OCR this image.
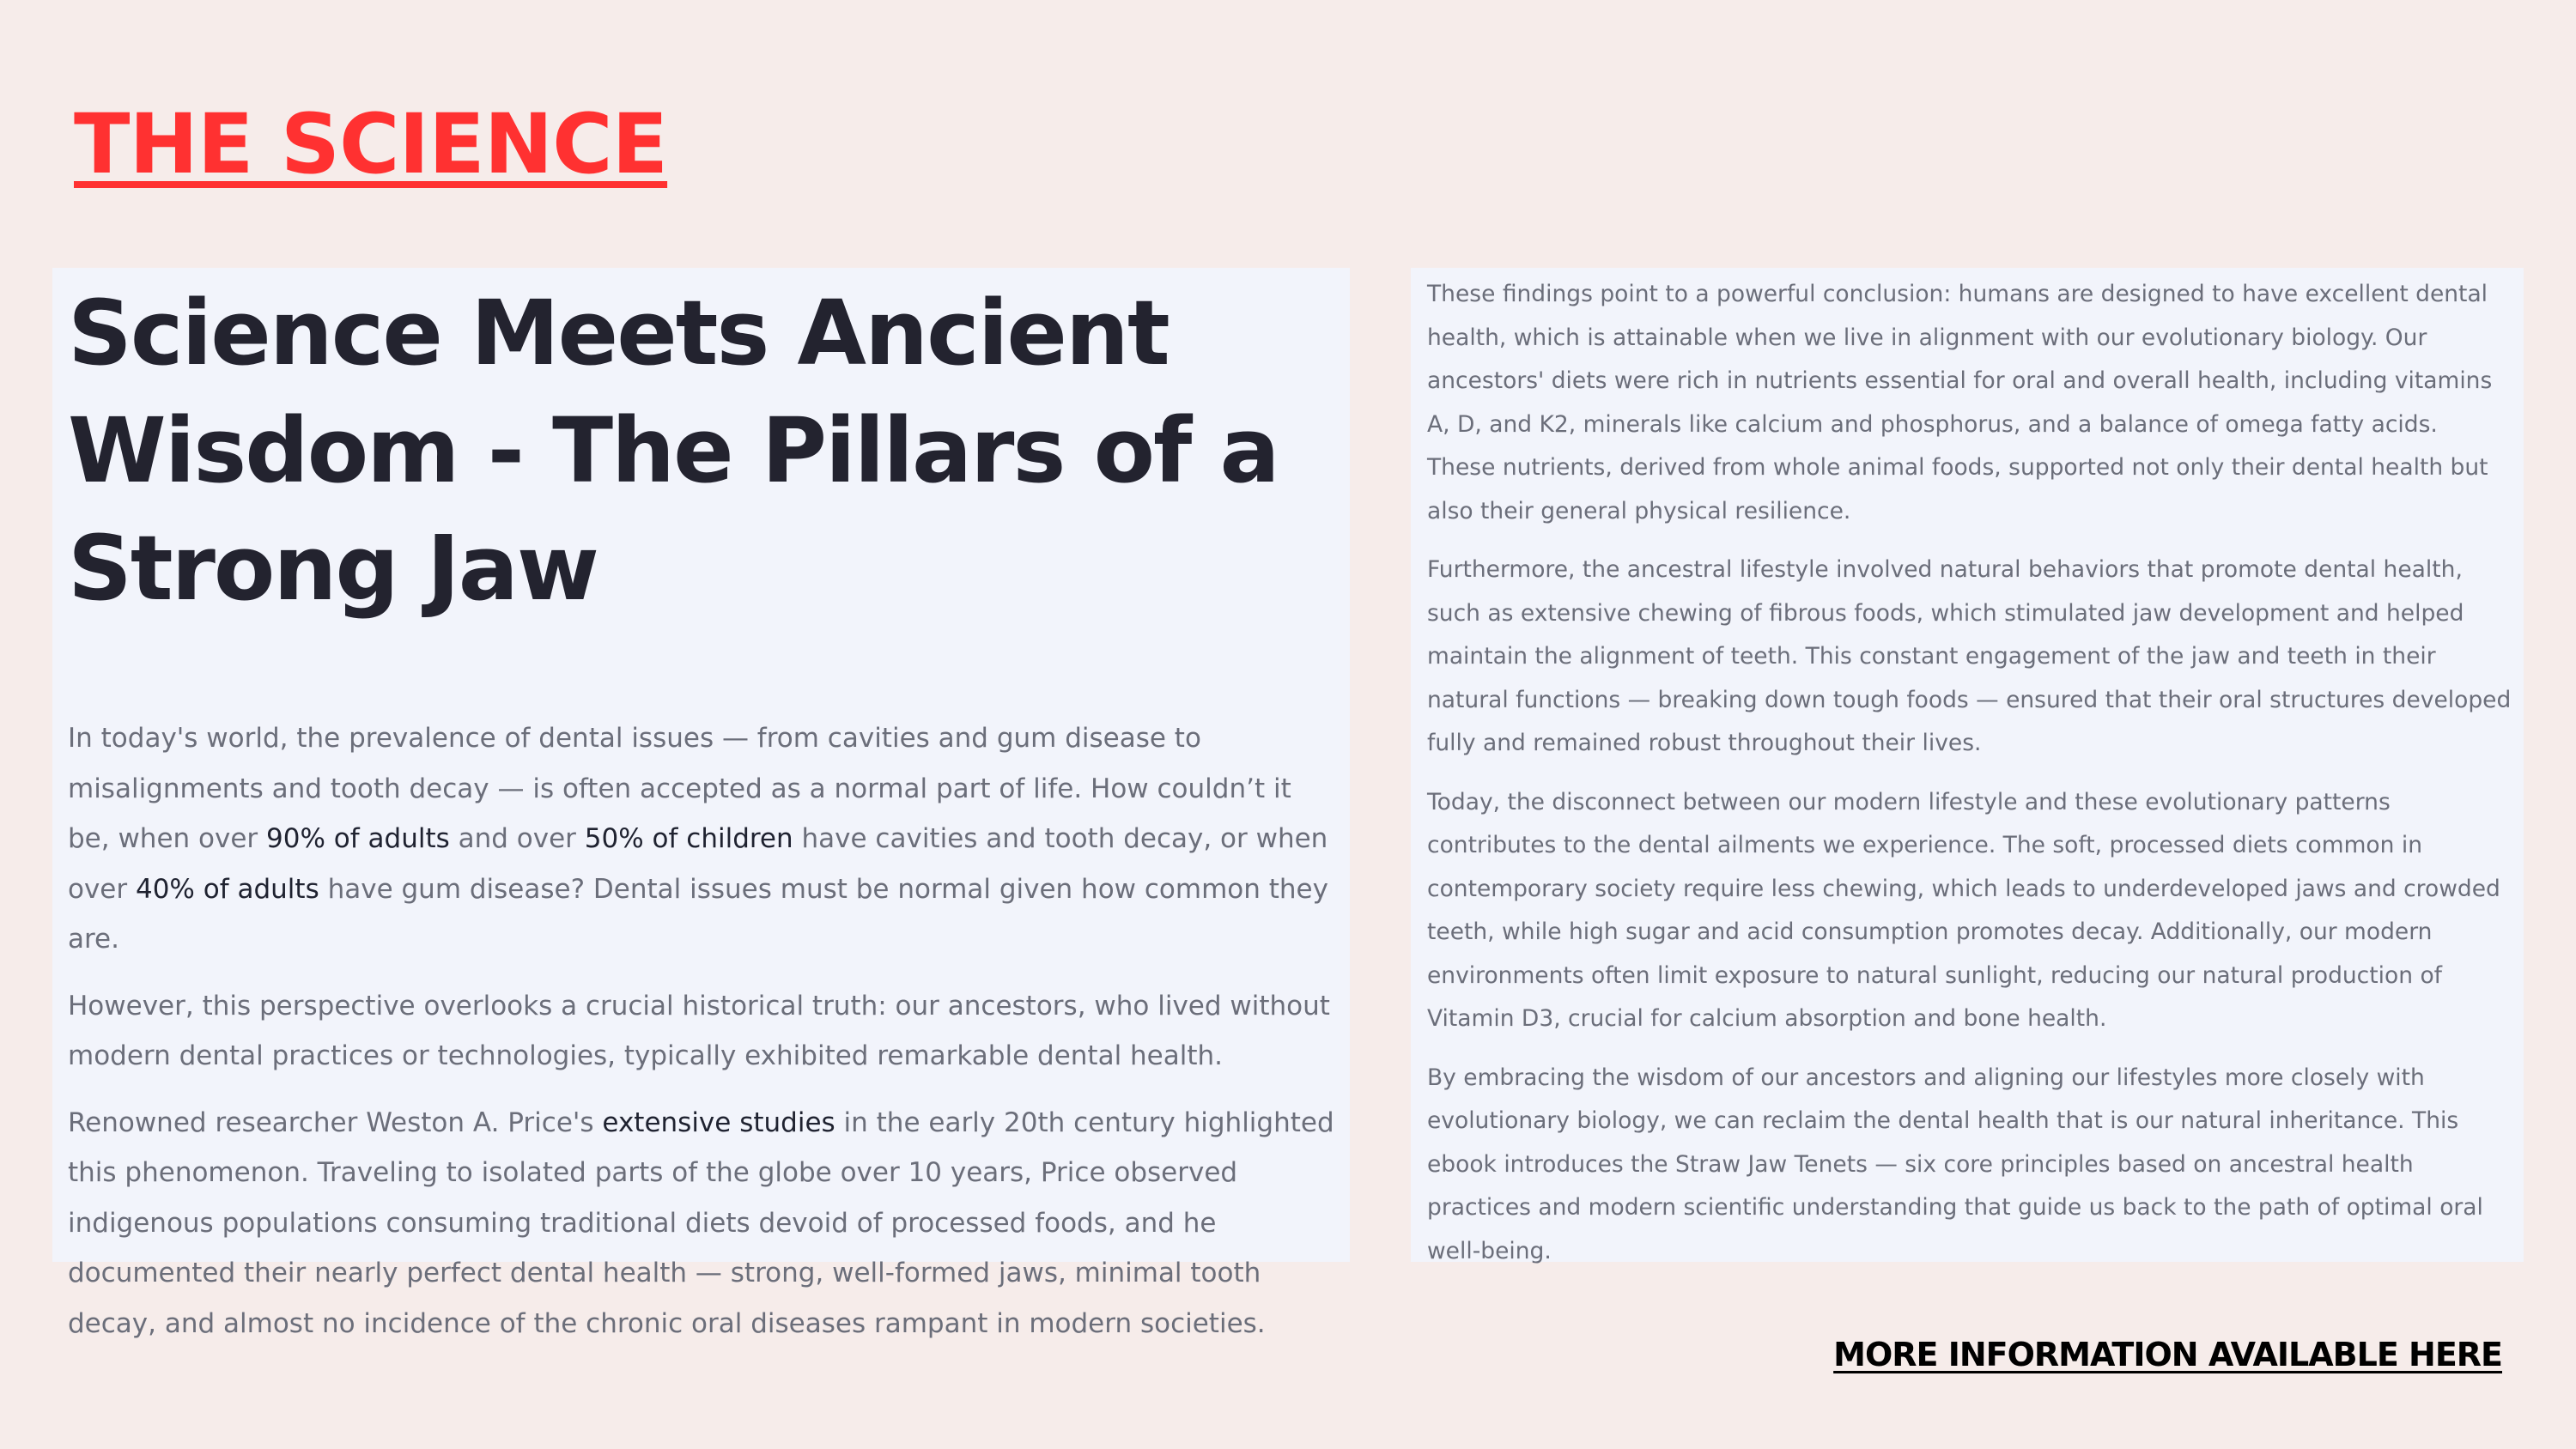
THE SCIENCE
Science Meets Ancient Wisdom - The Pillars of a Strong Jaw

In today's world, the prevalence of dental issues — from cavities and gum disease to misalignments and tooth decay — is often accepted as a normal part of life. How couldn’t it be, when over 90% of adults and over 50% of children have cavities and tooth decay, or when over 40% of adults have gum disease? Dental issues must be normal given how common they are.

However, this perspective overlooks a crucial historical truth: our ancestors, who lived without modern dental practices or technologies, typically exhibited remarkable dental health.

Renowned researcher Weston A. Price's extensive studies in the early 20th century highlighted this phenomenon. Traveling to isolated parts of the globe over 10 years, Price observed indigenous populations consuming traditional diets devoid of processed foods, and he documented their nearly perfect dental health — strong, well-formed jaws, minimal tooth decay, and almost no incidence of the chronic oral diseases rampant in modern societies.

These findings point to a powerful conclusion: humans are designed to have excellent dental health, which is attainable when we live in alignment with our evolutionary biology. Our ancestors' diets were rich in nutrients essential for oral and overall health, including vitamins A, D, and K2, minerals like calcium and phosphorus, and a balance of omega fatty acids. These nutrients, derived from whole animal foods, supported not only their dental health but also their general physical resilience.

Furthermore, the ancestral lifestyle involved natural behaviors that promote dental health, such as extensive chewing of fibrous foods, which stimulated jaw development and helped maintain the alignment of teeth. This constant engagement of the jaw and teeth in their natural functions — breaking down tough foods — ensured that their oral structures developed fully and remained robust throughout their lives.

Today, the disconnect between our modern lifestyle and these evolutionary patterns contributes to the dental ailments we experience. The soft, processed diets common in contemporary society require less chewing, which leads to underdeveloped jaws and crowded teeth, while high sugar and acid consumption promotes decay. Additionally, our modern environments often limit exposure to natural sunlight, reducing our natural production of Vitamin D3, crucial for calcium absorption and bone health.

By embracing the wisdom of our ancestors and aligning our lifestyles more closely with evolutionary biology, we can reclaim the dental health that is our natural inheritance. This ebook introduces the Straw Jaw Tenets — six core principles based on ancestral health practices and modern scientific understanding that guide us back to the path of optimal oral well-being.

MORE INFORMATION AVAILABLE HERE
